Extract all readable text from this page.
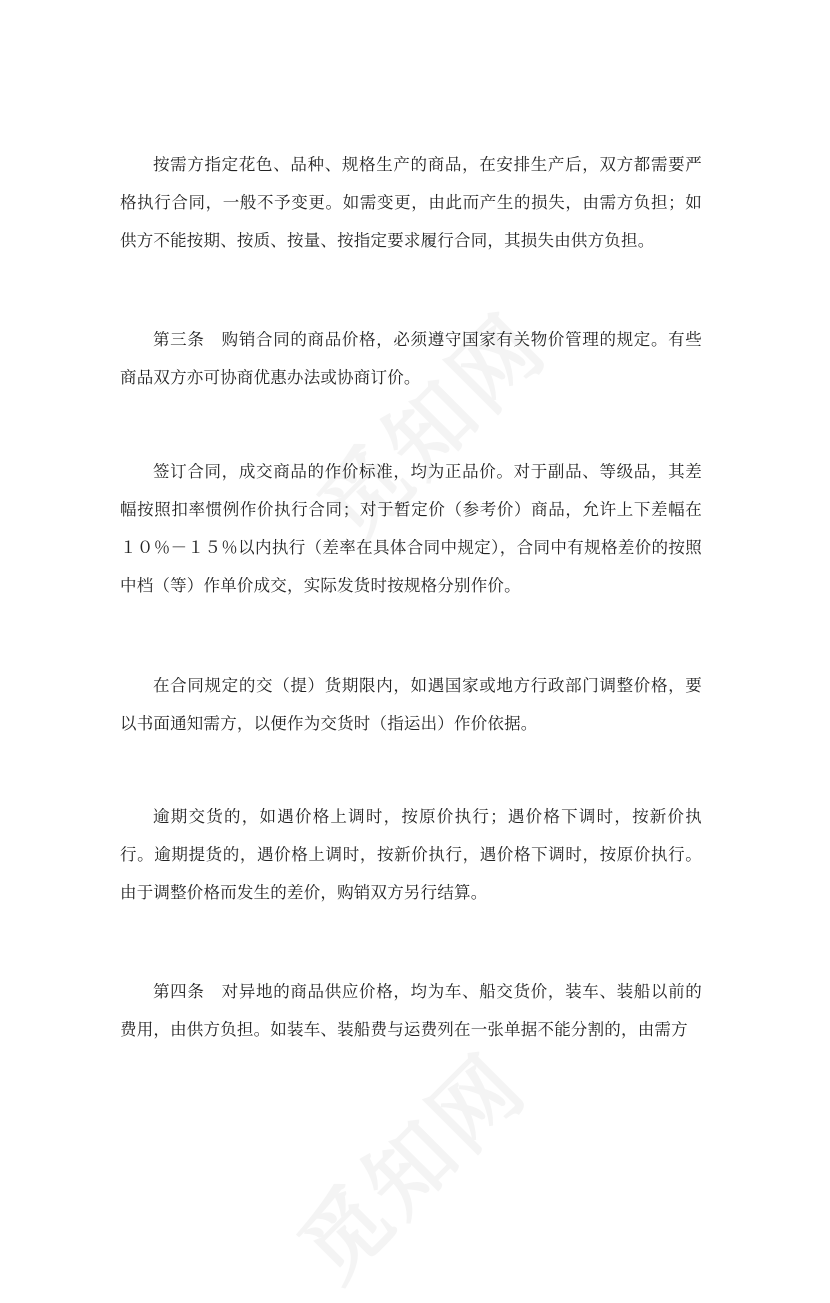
按需方指定花色、品种、规格生产的商品，在安排生产后，双方都需要严格执行合同，一般不予变更。如需变更，由此而产生的损失，由需方负担；如供方不能按期、按质、按量、按指定要求履行合同，其损失由供方负担。

第三条　购销合同的商品价格，必须遵守国家有关物价管理的规定。有些商品双方亦可协商优惠办法或协商订价。

签订合同，成交商品的作价标准，均为正品价。对于副品、等级品，其差幅按照扣率惯例作价执行合同；对于暂定价（参考价）商品，允许上下差幅在１０％－１５％以内执行（差率在具体合同中规定），合同中有规格差价的按照中档（等）作单价成交，实际发货时按规格分别作价。

在合同规定的交（提）货期限内，如遇国家或地方行政部门调整价格，要以书面通知需方，以便作为交货时（指运出）作价依据。

逾期交货的，如遇价格上调时，按原价执行；遇价格下调时，按新价执行。逾期提货的，遇价格上调时，按新价执行，遇价格下调时，按原价执行。由于调整价格而发生的差价，购销双方另行结算。

第四条　对异地的商品供应价格，均为车、船交货价，装车、装船以前的费用，由供方负担。如装车、装船费与运费列在一张单据不能分割的，由需方
